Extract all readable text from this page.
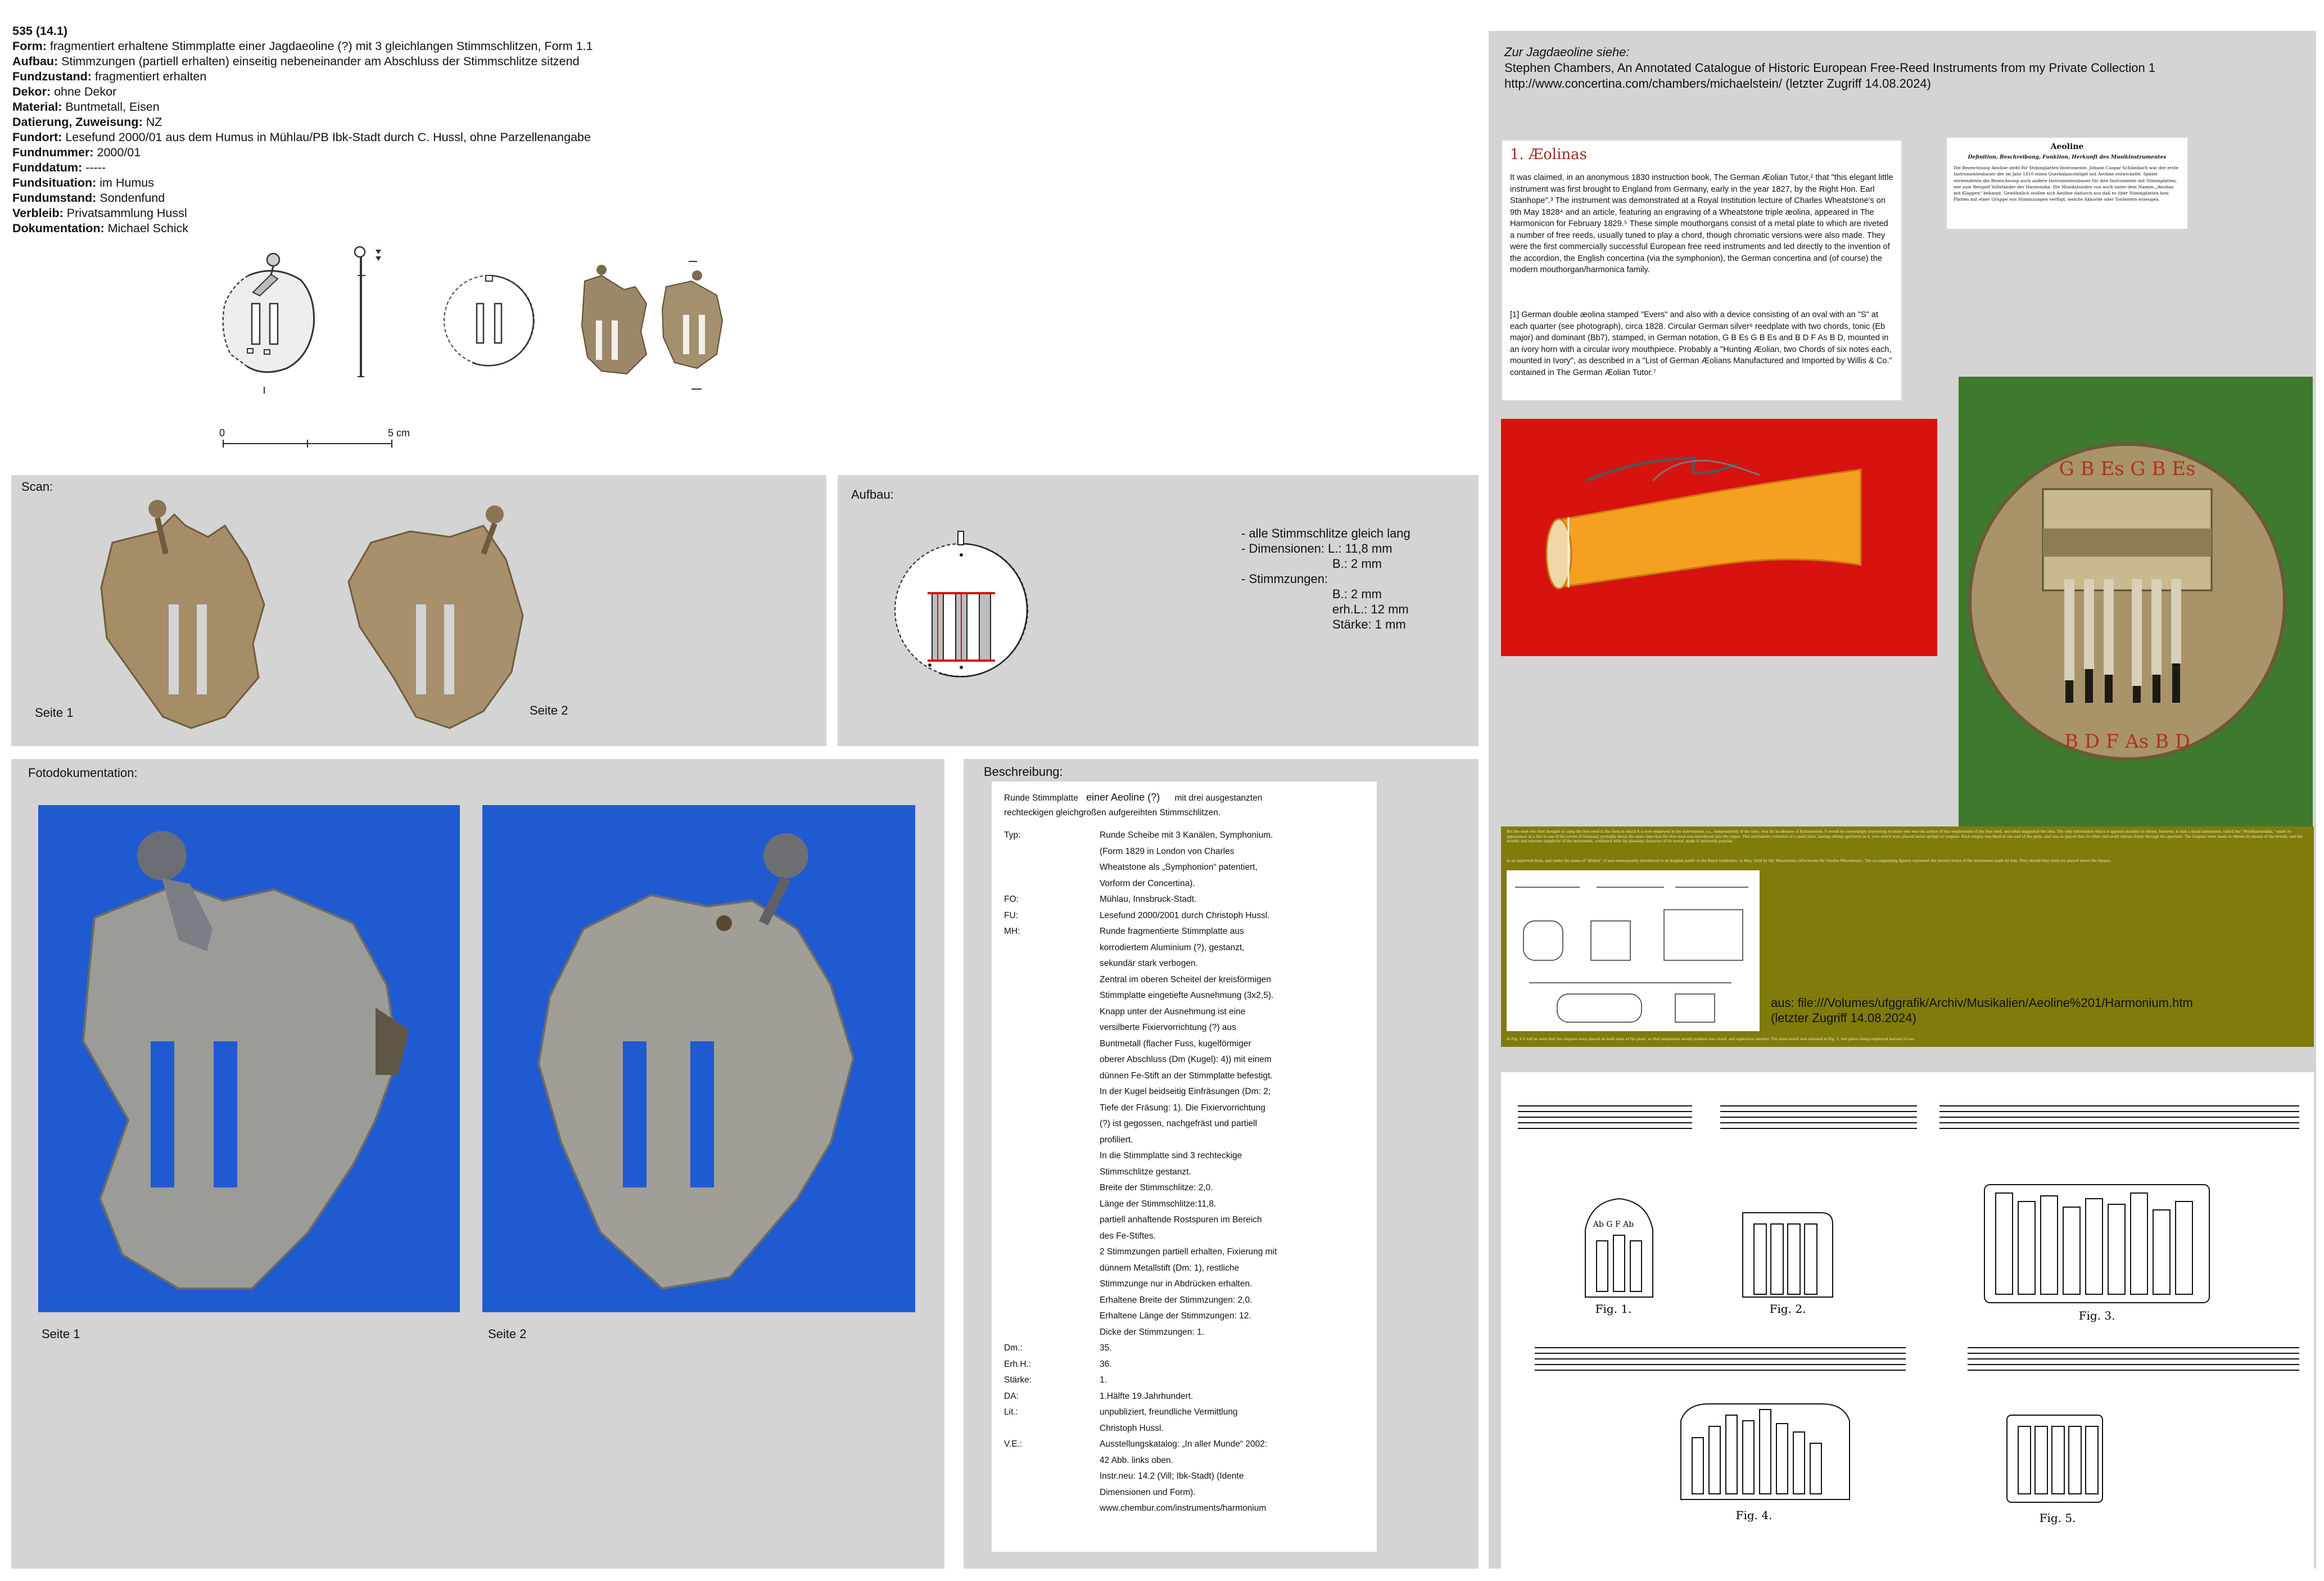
535 (14.1)
Form: fragmentiert erhaltene Stimmplatte einer Jagdaeoline (?) mit 3 gleichlangen Stimmschlitzen, Form 1.1
Aufbau: Stimmzungen (partiell erhalten) einseitig nebeneinander am Abschluss der Stimmschlitze sitzend
Fundzustand: fragmentiert erhalten
Dekor: ohne Dekor
Material: Buntmetall, Eisen
Datierung, Zuweisung: NZ
Fundort: Lesefund 2000/01 aus dem Humus in Mühlau/PB Ibk-Stadt durch C. Hussl, ohne Parzellenangabe
Fundnummer: 2000/01
Funddatum: -----
Fundsituation: im Humus
Fundumstand: Sondenfund
Verbleib: Privatsammlung Hussl
Dokumentation: Michael Schick
0	5 cm
Scan:
Seite 1	Seite 2
Aufbau:
- alle Stimmschlitze gleich lang
- Dimensionen: L.: 11,8 mm
B.: 2 mm
- Stimmzungen:
B.: 2 mm
erh.L.: 12 mm
Stärke: 1 mm
Fotodokumentation:
Seite 1	Seite 2
Beschreibung:
Runde Stimmplatte einer Aeoline (?) mit drei ausgestanzten
rechteckigen gleichgroßen aufgereihten Stimmschlitzen.
Typ:	Runde Scheibe mit 3 Kanälen, Symphonium.
(Form 1829 in London von Charles
Wheatstone als „Symphonion“ patentiert,
Vorform der Concertina).
FO:	Mühlau, Innsbruck-Stadt.
FU:	Lesefund 2000/2001 durch Christoph Hussl.
MH:	Runde fragmentierte Stimmplatte aus
korrodiertem Aluminium (?), gestanzt,
sekundär stark verbogen.
Zentral im oberen Scheitel der kreisförmigen
Stimmplatte eingetiefte Ausnehmung (3x2,5).
Knapp unter der Ausnehmung ist eine
versilberte Fixiervorrichtung (?) aus
Buntmetall (flacher Fuss, kugelförmiger
oberer Abschluss (Dm (Kugel): 4)) mit einem
dünnen Fe-Stift an der Stimmplatte befestigt.
In der Kugel beidseitig Einfräsungen (Dm: 2;
Tiefe der Fräsung: 1). Die Fixiervorrichtung
(?) ist gegossen, nachgefräst und partiell
profiliert.
In die Stimmplatte sind 3 rechteckige
Stimmschlitze gestanzt.
Breite der Stimmschlitze: 2,0.
Länge der Stimmschlitze:11,8.
partiell anhaftende Rostspuren im Bereich
des Fe-Stiftes.
2 Stimmzungen partiell erhalten, Fixierung mit
dünnem Metallstift (Dm: 1), restliche
Stimmzunge nur in Abdrücken erhalten.
Erhaltene Breite der Stimmzungen: 2,0.
Erhaltene Länge der Stimmzungen: 12.
Dicke der Stimmzungen: 1.
Dm.:	35.
Erh.H.:	36.
Stärke:	1.
DA:	1.Hälfte 19.Jahrhundert.
Lit.:	unpubliziert, freundliche Vermittlung
Christoph Hussl.
V.E.:	Ausstellungskatalog: „In aller Munde“ 2002:
42 Abb. links oben.
Instr.neu: 14.2 (Vill; Ibk-Stadt) (Idente
Dimensionen und Form).
www.chembur.com/instruments/harmonium
Zur Jagdaeoline siehe:
Stephen Chambers, An Annotated Catalogue of Historic European Free-Reed Instruments from my Private Collection 1
http://www.concertina.com/chambers/michaelstein/ (letzter Zugriff 14.08.2024)
1. Æolinas
It was claimed, in an anonymous 1830 instruction book, The German Æolian Tutor,² that "this elegant little instrument was first brought to England from Germany, early in the year 1827, by the Right Hon. Earl Stanhope".³ The instrument was demonstrated at a Royal Institution lecture of Charles Wheatstone's on 9th May 1828⁴ and an article, featuring an engraving of a Wheatstone triple æolina, appeared in The Harmonicon for February 1829.⁵ These simple mouthorgans consist of a metal plate to which are riveted a number of free reeds, usually tuned to play a chord, though chromatic versions were also made. They were the first commercially successful European free reed instruments and led directly to the invention of the accordion, the English concertina (via the symphonion), the German concertina and (of course) the modern mouthorgan/harmonica family.
[1] German double æolina stamped "Evers" and also with a device consisting of an oval with an "S" at each quarter (see photograph), circa 1828. Circular German silver⁶ reedplate with two chords, tonic (Eb major) and dominant (Bb7), stamped, in German notation, G B Es G B Es and B D F As B D, mounted in an ivory horn with a circular ivory mouthpiece. Probably a "Hunting Æolian, two Chords of six notes each, mounted in Ivory", as described in a "List of German Æolians Manufactured and Imported by Willis & Co." contained in The German Æolian Tutor.⁷
Aeoline
Definition, Beschreibung, Funktion, Herkunft des Musikinstrumentes
Die Bezeichnung Aeoline steht für Stimmplatten-Instrumente. Johann Caspar Schlimbach war der erste Instrumentenbauer der im Jahr 1810 einen Querbalancebügel mit Aeoline entwickelte. Später verwendeten die Bezeichnung auch andere Instrumentenbauer für ihre Instrumente mit Stimmplatten, wie zum Beispiel Vollständer der Harmonika. Die Musikstunden von auch unter dem Namen „Aeolian mit Klappen“ bekannt. Gewöhnlich stoßen sich Aeoline dadurch aus daß es über Stimmplatten bzw. Platten mit einer Gruppe von Stimmzungen verfügt, welche Akkorde oder Tonleitern erzeugen.
G B Es G B Es
B D F As B D
But the man who first thought of using the free reed in the form in which it is now employed in the instruments, i.e., independently of the tube, was far in advance of Kratzenstein. It would be exceedingly interesting to know who was the author of this employment of the free reed, and what suggested the idea. The only information which it appears possible to obtain, however, is that a small instrument, called the "Mundharmonika," made its appearance at a fair in one of the towns of Germany, probably about the same time that the free reed was introduced into the organ. This instrument consisted of a small plate, having oblong apertures in it, over which were placed metal springs or tongues. Each tongue was fixed at one end of the plate, and was so placed that its other end could vibrate freely through the aperture. The tongues were made to vibrate by means of the breath, and the novelty and extreme simplicity of the instrument, combined with the pleasing character of its sound, made it extremely popular.
In an improved form, and under the name of "Æolina", it was subsequently introduced to an English public at the Royal Institution, in May, 1829 by Mr. Wheatstone (afterwards Sir Charles Wheatstone). The accompanying figures represent the several forms of the instrument made by him. They should they yield are placed above the figures.
aus: file:///Volumes/ufggrafik/Archiv/Musikalien/Aeoline%201/Harmonium.htm
(letzter Zugriff 14.08.2024)
In Fig. 4 it will be seen that the tongues were placed on both sides of the plate, so that inspiration would produce one chord, and expiration another. The same result was attained in Fig. 5, two plates being employed instead of one.
Fig. 1.	Fig. 2.	Fig. 3.
Fig. 4.	Fig. 5.
Ab G F Ab
